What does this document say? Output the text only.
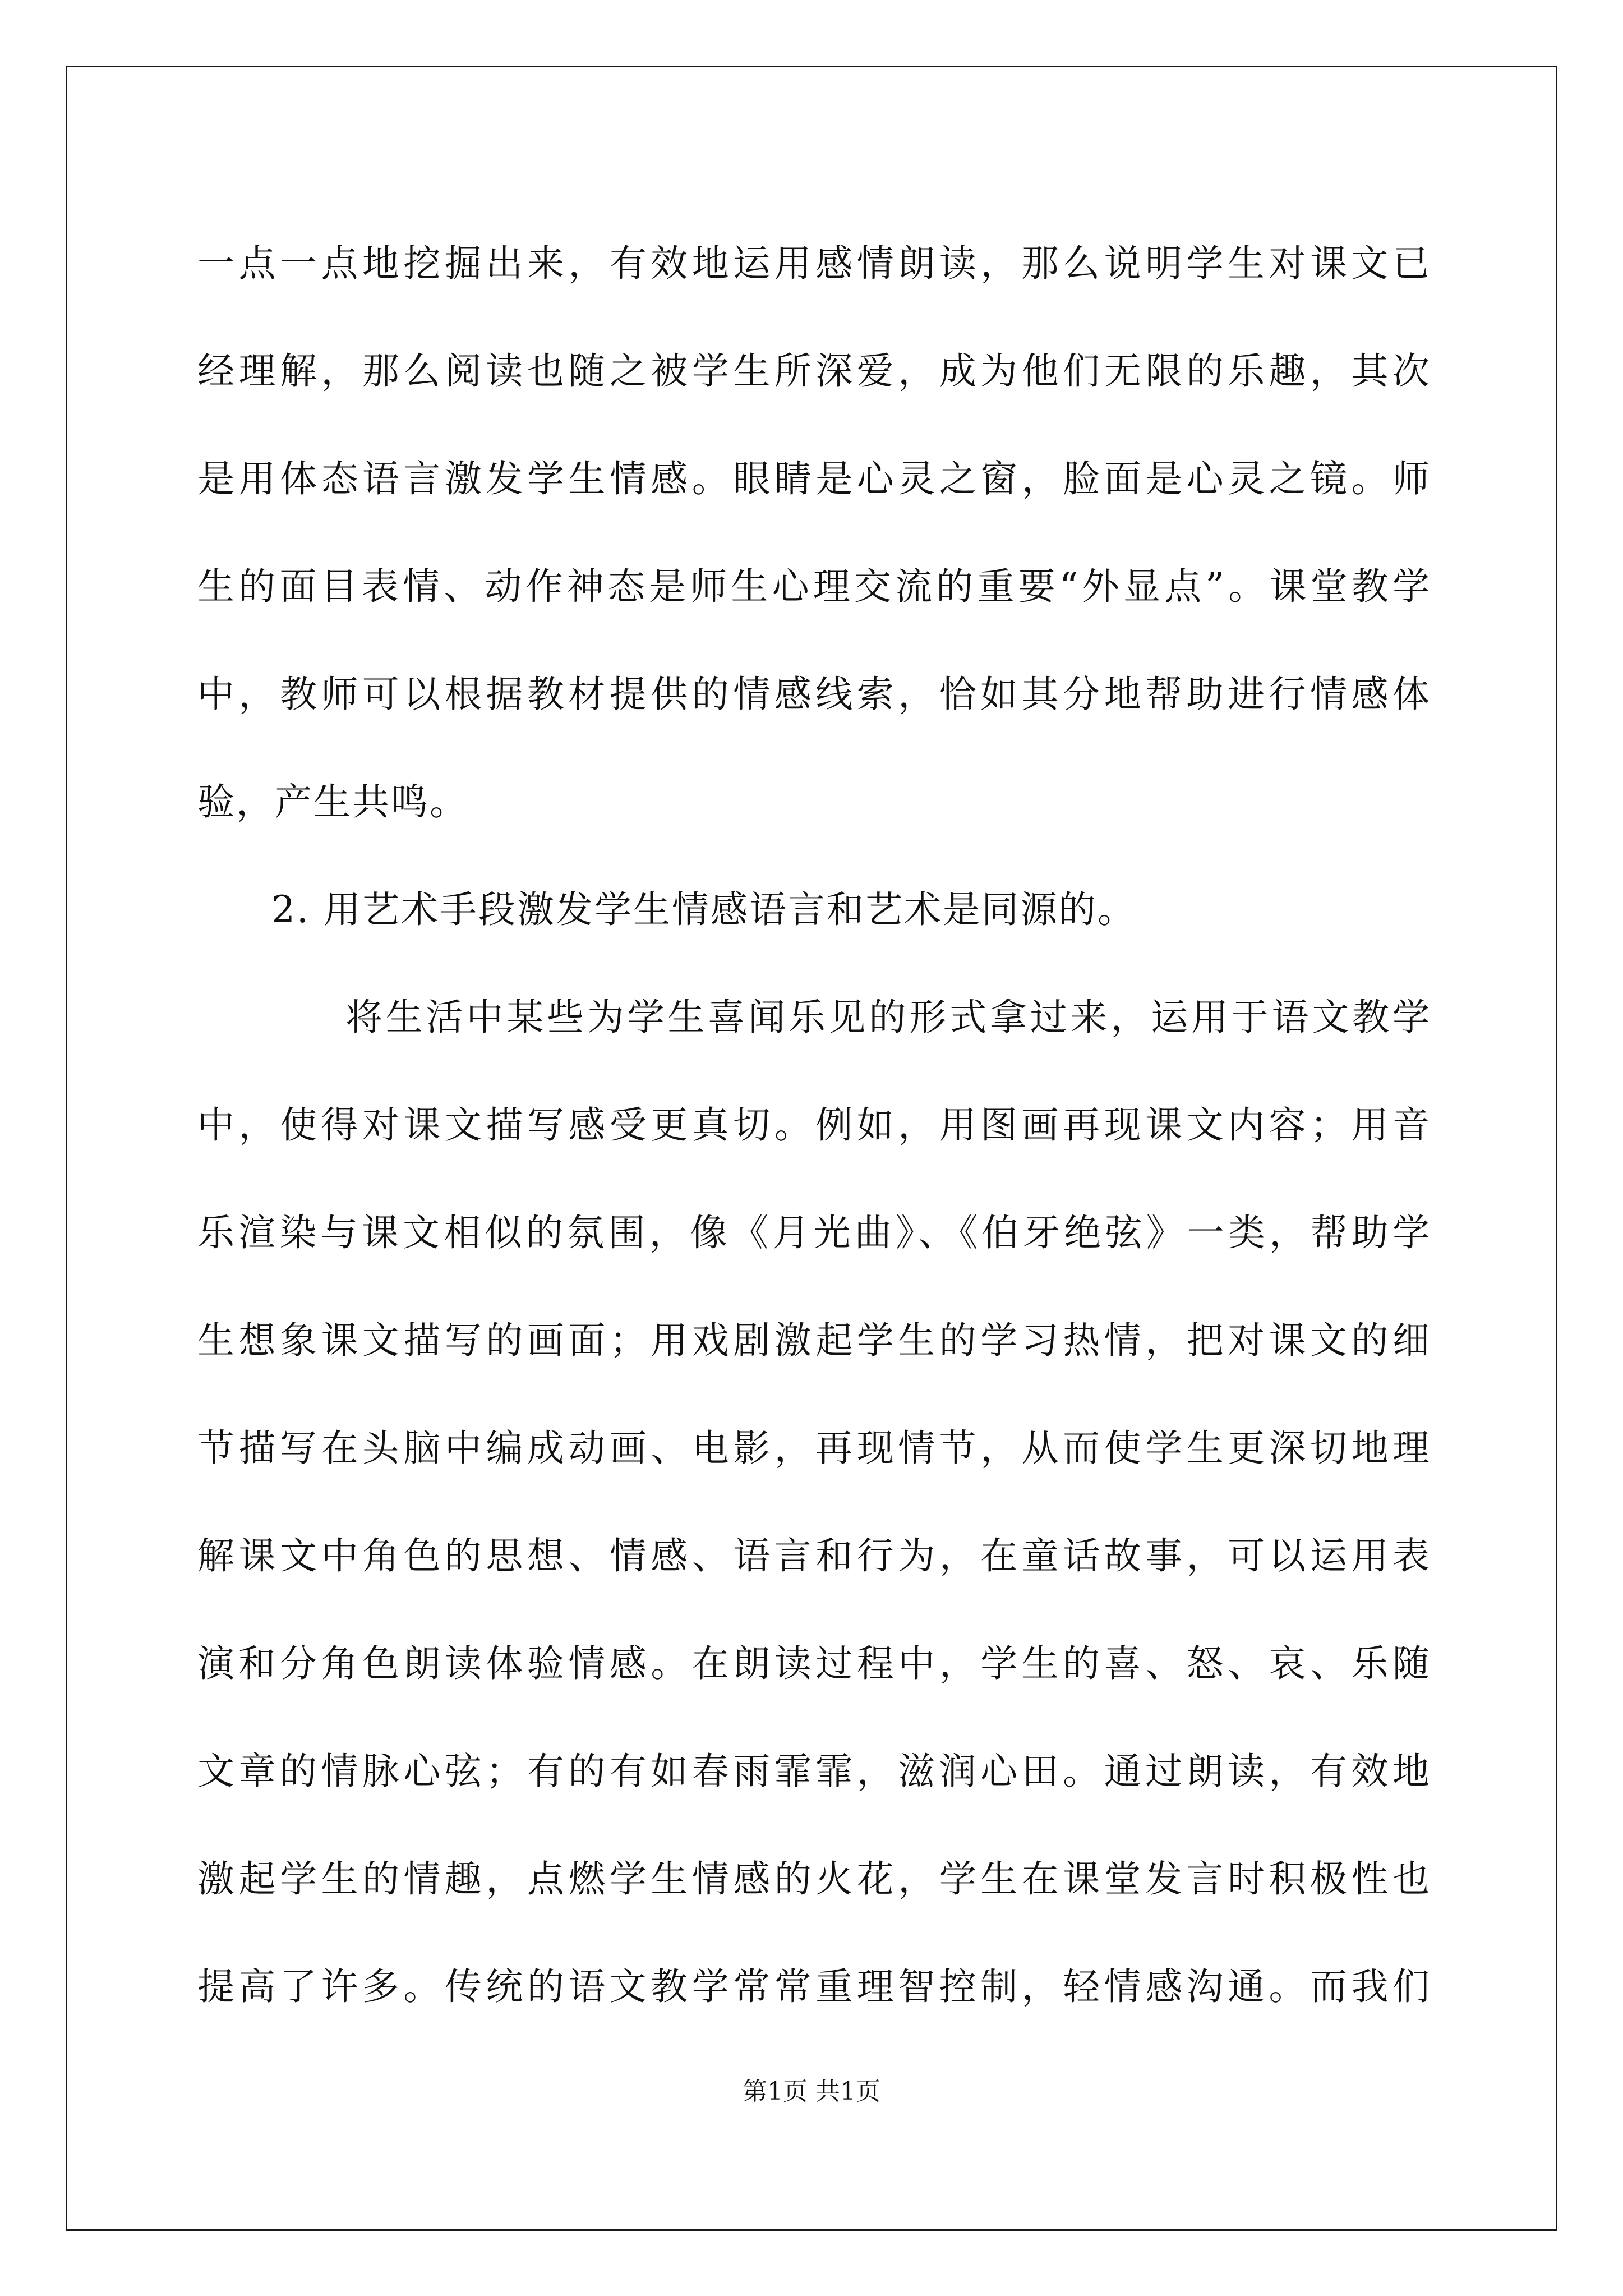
一点一点地挖掘出来，有效地运用感情朗读，那么说明学生对课文已
经理解，那么阅读也随之被学生所深爱，成为他们无限的乐趣，其次
是用体态语言激发学生情感。眼睛是心灵之窗，脸面是心灵之镜。师
生的面目表情、动作神态是师生心理交流的重要“外显点”。课堂教学
中，教师可以根据教材提供的情感线索，恰如其分地帮助进行情感体
验，产生共鸣。
2. 用艺术手段激发学生情感语言和艺术是同源的。
将生活中某些为学生喜闻乐见的形式拿过来，运用于语文教学
中，使得对课文描写感受更真切。例如，用图画再现课文内容；用音
乐渲染与课文相似的氛围，像《月光曲》、《伯牙绝弦》一类，帮助学
生想象课文描写的画面；用戏剧激起学生的学习热情，把对课文的细
节描写在头脑中编成动画、电影，再现情节，从而使学生更深切地理
解课文中角色的思想、情感、语言和行为，在童话故事，可以运用表
演和分角色朗读体验情感。在朗读过程中，学生的喜、怒、哀、乐随
文章的情脉心弦；有的有如春雨霏霏，滋润心田。通过朗读，有效地
激起学生的情趣，点燃学生情感的火花，学生在课堂发言时积极性也
提高了许多。传统的语文教学常常重理智控制，轻情感沟通。而我们
第1页 共1页
